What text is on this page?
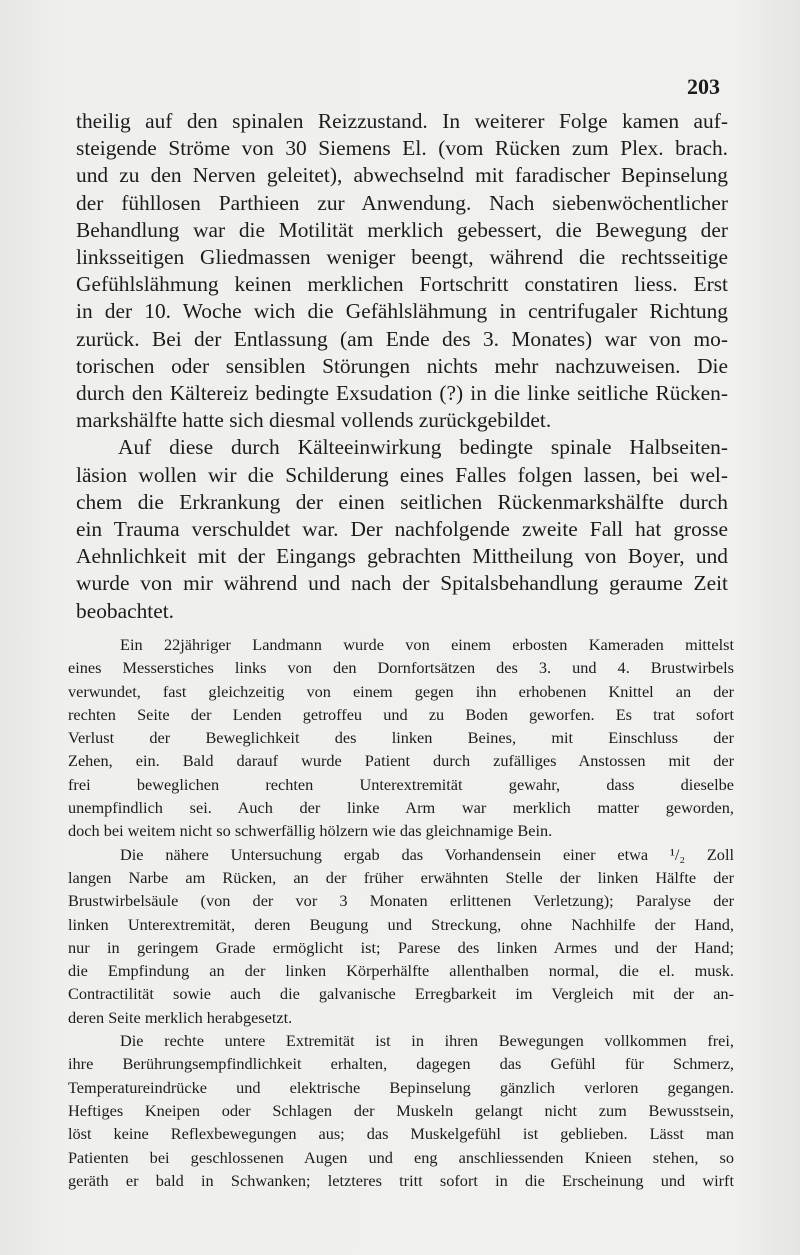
203
theilig auf den spinalen Reizzustand. In weiterer Folge kamen auf-
steigende Ströme von 30 Siemens El. (vom Rücken zum Plex. brach.
und zu den Nerven geleitet), abwechselnd mit faradischer Bepinselung
der fühllosen Parthieen zur Anwendung. Nach siebenwöchentlicher
Behandlung war die Motilität merklich gebessert, die Bewegung der
linksseitigen Gliedmassen weniger beengt, während die rechtsseitige
Gefühlslähmung keinen merklichen Fortschritt constatiren liess. Erst
in der 10. Woche wich die Gefählslähmung in centrifugaler Richtung
zurück. Bei der Entlassung (am Ende des 3. Monates) war von mo-
torischen oder sensiblen Störungen nichts mehr nachzuweisen. Die
durch den Kältereiz bedingte Exsudation (?) in die linke seitliche Rücken-
markshälfte hatte sich diesmal vollends zurückgebildet.
Auf diese durch Kälteeinwirkung bedingte spinale Halbseiten-
läsion wollen wir die Schilderung eines Falles folgen lassen, bei wel-
chem die Erkrankung der einen seitlichen Rückenmarkshälfte durch
ein Trauma verschuldet war. Der nachfolgende zweite Fall hat grosse
Aehnlichkeit mit der Eingangs gebrachten Mittheilung von Boyer, und
wurde von mir während und nach der Spitalsbehandlung geraume Zeit
beobachtet.
Ein 22jähriger Landmann wurde von einem erbosten Kameraden mittelst
eines Messerstiches links von den Dornfortsätzen des 3. und 4. Brustwirbels
verwundet, fast gleichzeitig von einem gegen ihn erhobenen Knittel an der
rechten Seite der Lenden getroffeu und zu Boden geworfen. Es trat sofort
Verlust der Beweglichkeit des linken Beines, mit Einschluss der
Zehen, ein. Bald darauf wurde Patient durch zufälliges Anstossen mit der
frei beweglichen rechten Unterextremität gewahr, dass dieselbe
unempfindlich sei. Auch der linke Arm war merklich matter geworden,
doch bei weitem nicht so schwerfällig hölzern wie das gleichnamige Bein.
Die nähere Untersuchung ergab das Vorhandensein einer etwa ¹/₂ Zoll
langen Narbe am Rücken, an der früher erwähnten Stelle der linken Hälfte der
Brustwirbelsäule (von der vor 3 Monaten erlittenen Verletzung); Paralyse der
linken Unterextremität, deren Beugung und Streckung, ohne Nachhilfe der Hand,
nur in geringem Grade ermöglicht ist; Parese des linken Armes und der Hand;
die Empfindung an der linken Körperhälfte allenthalben normal, die el. musk.
Contractilität sowie auch die galvanische Erregbarkeit im Vergleich mit der an-
deren Seite merklich herabgesetzt.
Die rechte untere Extremität ist in ihren Bewegungen vollkommen frei,
ihre Berührungsempfindlichkeit erhalten, dagegen das Gefühl für Schmerz,
Temperatureindrücke und elektrische Bepinselung gänzlich verloren gegangen.
Heftiges Kneipen oder Schlagen der Muskeln gelangt nicht zum Bewusstsein,
löst keine Reflexbewegungen aus; das Muskelgefühl ist geblieben. Lässt man
Patienten bei geschlossenen Augen und eng anschliessenden Knieen stehen, so
geräth er bald in Schwanken; letzteres tritt sofort in die Erscheinung und wirft
